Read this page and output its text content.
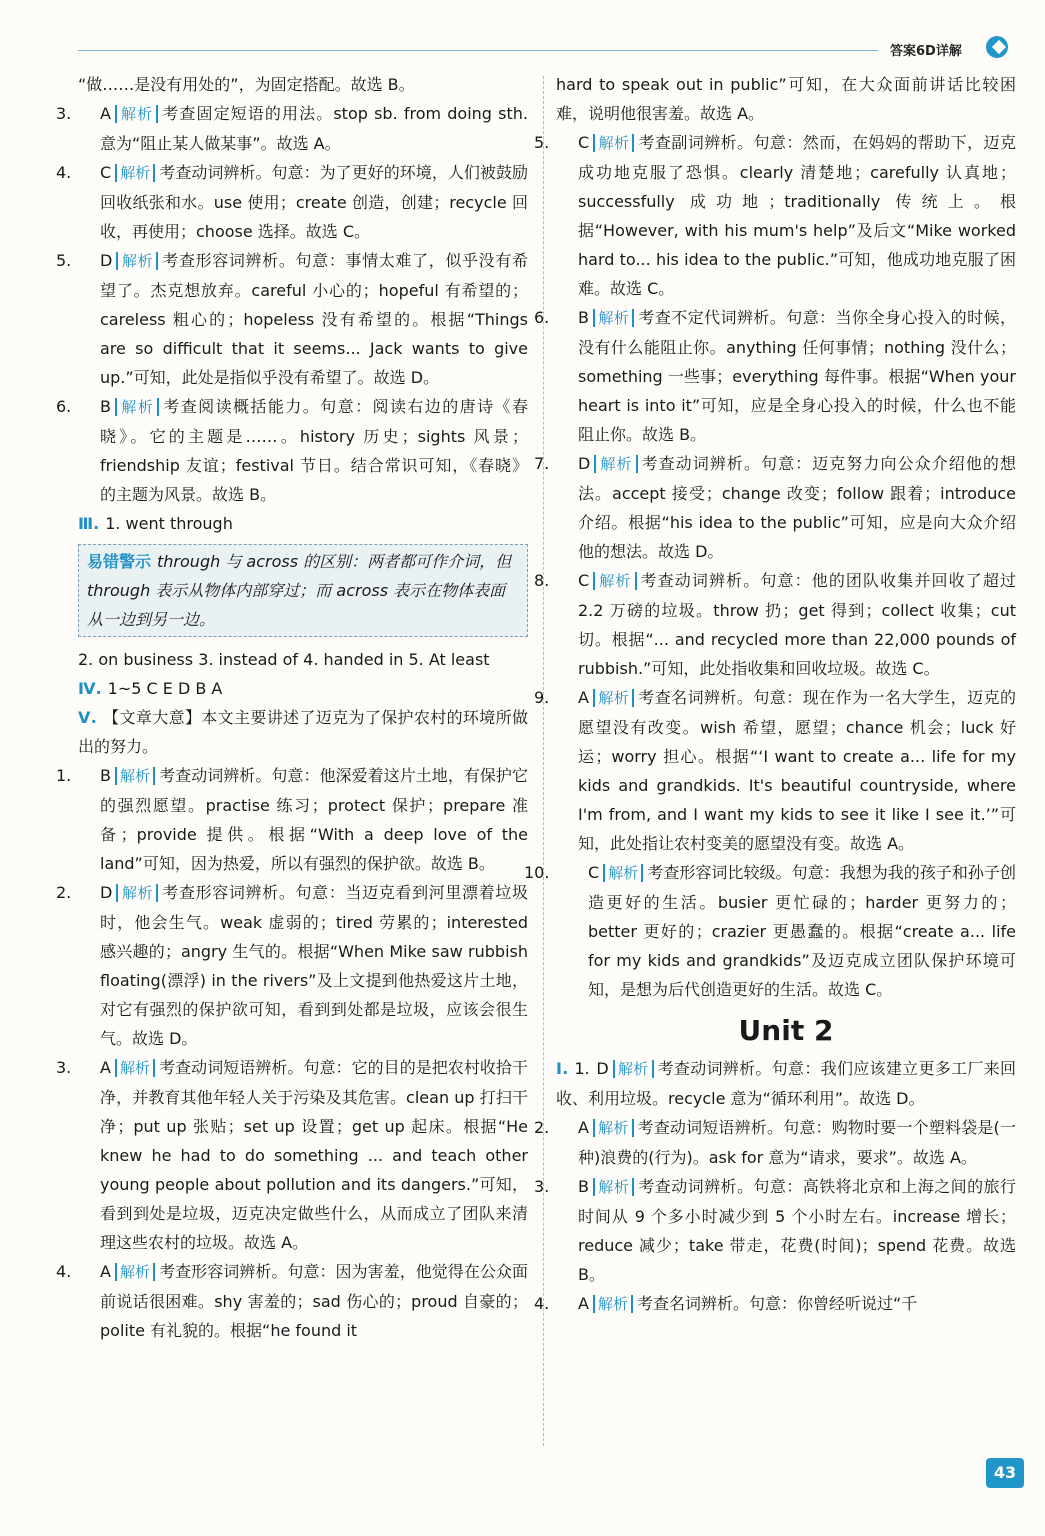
答案6D详解

“做……是没有用处的”，为固定搭配。故选 B。

3. A 解析 考查固定短语的用法。stop sb. from doing sth. 意为“阻止某人做某事”。故选 A。

4. C 解析 考查动词辨析。句意：为了更好的环境，人们被鼓励回收纸张和水。use 使用；create 创造，创建；recycle 回收，再使用；choose 选择。故选 C。

5. D 解析 考查形容词辨析。句意：事情太难了，似乎没有希望了。杰克想放弃。careful 小心的；hopeful 有希望的；careless 粗心的；hopeless 没有希望的。根据“Things are so difficult that it seems... Jack wants to give up.”可知，此处是指似乎没有希望了。故选 D。

6. B 解析 考查阅读概括能力。句意：阅读右边的唐诗《春晓》。它的主题是……。history 历史；sights 风景；friendship 友谊；festival 节日。结合常识可知，《春晓》的主题为风景。故选 B。

Ⅲ. 1. went through

易错警示 through 与 across 的区别：两者都可作介词，但 through 表示从物体内部穿过；而 across 表示在物体表面从一边到另一边。

2. on business 3. instead of 4. handed in 5. At least

Ⅳ. 1~5 C E D B A

Ⅴ. 【文章大意】本文主要讲述了迈克为了保护农村的环境所做出的努力。

1. B 解析 考查动词辨析。句意：他深爱着这片土地，有保护它的强烈愿望。practise 练习；protect 保护；prepare 准备；provide 提供。根据“With a deep love of the land”可知，因为热爱，所以有强烈的保护欲。故选 B。

2. D 解析 考查形容词辨析。句意：当迈克看到河里漂着垃圾时，他会生气。weak 虚弱的；tired 劳累的；interested 感兴趣的；angry 生气的。根据“When Mike saw rubbish floating(漂浮) in the rivers”及上文提到他热爱这片土地，对它有强烈的保护欲可知，看到到处都是垃圾，应该会很生气。故选 D。

3. A 解析 考查动词短语辨析。句意：它的目的是把农村收拾干净，并教育其他年轻人关于污染及其危害。clean up 打扫干净；put up 张贴；set up 设置；get up 起床。根据“He knew he had to do something ... and teach other young people about pollution and its dangers.”可知，看到到处是垃圾，迈克决定做些什么，从而成立了团队来清理这些农村的垃圾。故选 A。

4. A 解析 考查形容词辨析。句意：因为害羞，他觉得在公众面前说话很困难。shy 害羞的；sad 伤心的；proud 自豪的；polite 有礼貌的。根据“he found it

hard to speak out in public”可知，在大众面前讲话比较困难，说明他很害羞。故选 A。

5. C 解析 考查副词辨析。句意：然而，在妈妈的帮助下，迈克成功地克服了恐惧。clearly 清楚地；carefully 认真地；successfully 成功地；traditionally 传统上。根据“However, with his mum's help”及后文“Mike worked hard to... his idea to the public.”可知，他成功地克服了困难。故选 C。

6. B 解析 考查不定代词辨析。句意：当你全身心投入的时候，没有什么能阻止你。anything 任何事情；nothing 没什么；something 一些事；everything 每件事。根据“When your heart is into it”可知，应是全身心投入的时候，什么也不能阻止你。故选 B。

7. D 解析 考查动词辨析。句意：迈克努力向公众介绍他的想法。accept 接受；change 改变；follow 跟着；introduce 介绍。根据“his idea to the public”可知，应是向大众介绍他的想法。故选 D。

8. C 解析 考查动词辨析。句意：他的团队收集并回收了超过 2.2 万磅的垃圾。throw 扔；get 得到；collect 收集；cut 切。根据“... and recycled more than 22,000 pounds of rubbish.”可知，此处指收集和回收垃圾。故选 C。

9. A 解析 考查名词辨析。句意：现在作为一名大学生，迈克的愿望没有改变。wish 希望，愿望；chance 机会；luck 好运；worry 担心。根据“‘I want to create a... life for my kids and grandkids. It's beautiful countryside, where I'm from, and I want my kids to see it like I see it.’”可知，此处指让农村变美的愿望没有变。故选 A。

10. C 解析 考查形容词比较级。句意：我想为我的孩子和孙子创造更好的生活。busier 更忙碌的；harder 更努力的；better 更好的；crazier 更愚蠢的。根据“create a... life for my kids and grandkids”及迈克成立团队保护环境可知，是想为后代创造更好的生活。故选 C。

Unit 2

Ⅰ. 1. D 解析 考查动词辨析。句意：我们应该建立更多工厂来回收、利用垃圾。recycle 意为“循环利用”。故选 D。

2. A 解析 考查动词短语辨析。句意：购物时要一个塑料袋是(一种)浪费的(行为)。ask for 意为“请求，要求”。故选 A。

3. B 解析 考查动词辨析。句意：高铁将北京和上海之间的旅行时间从 9 个多小时减少到 5 个小时左右。increase 增长；reduce 减少；take 带走，花费(时间)；spend 花费。故选 B。

4. A 解析 考查名词辨析。句意：你曾经听说过“千

43
